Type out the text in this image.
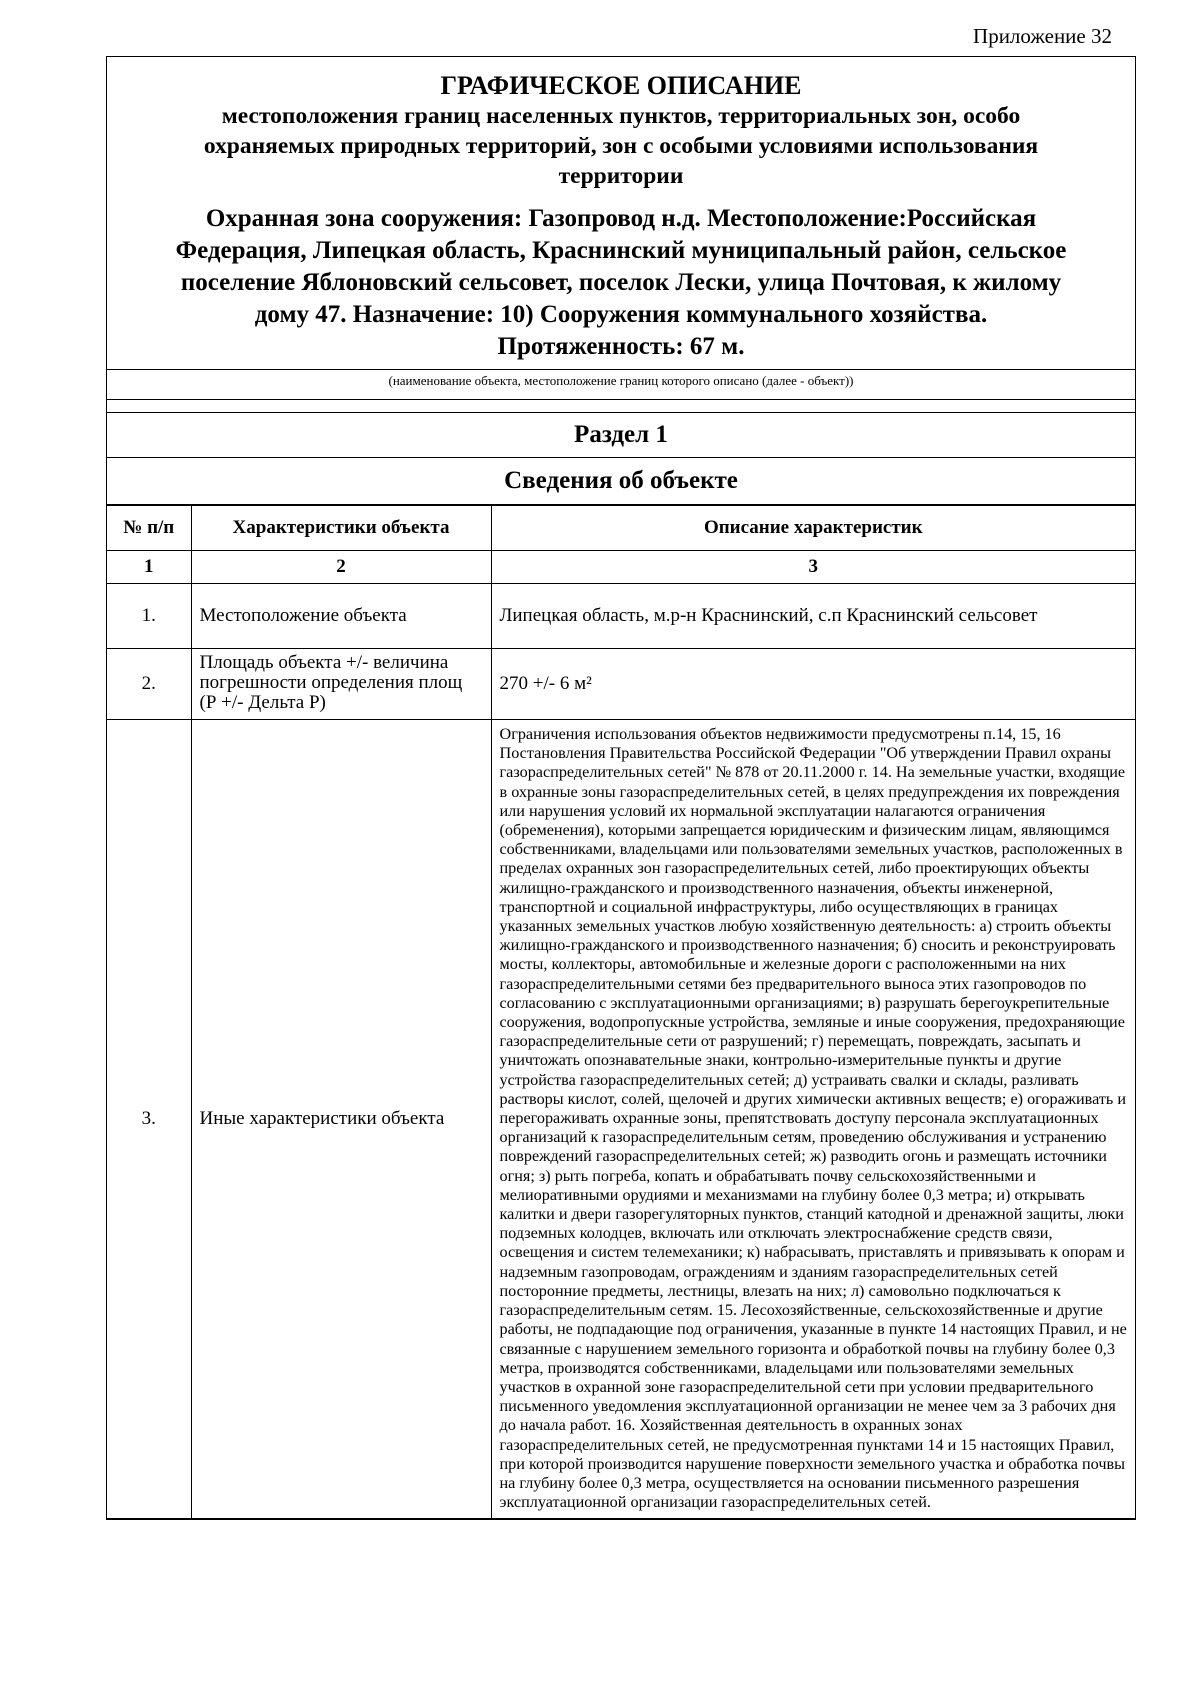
Приложение 32
ГРАФИЧЕСКОЕ ОПИСАНИЕ
местоположения границ населенных пунктов, территориальных зон, особо
охраняемых природных территорий, зон с особыми условиями использования
территории
Охранная зона сооружения: Газопровод н.д. Местоположение:Российская
Федерация, Липецкая область, Краснинский муниципальный район, сельское
поселение Яблоновский сельсовет, поселок Лески, улица Почтовая, к жилому
дому 47. Назначение: 10) Сооружения коммунального хозяйства.
Протяженность: 67 м.
(наименование объекта, местоположение границ которого описано (далее - объект))
Раздел 1
Сведения об объекте
№ п/п	Характеристики объекта	Описание характеристик
1	2	3
1.	Местоположение объекта	Липецкая область, м.р-н Краснинский, с.п Краснинский сельсовет
2.	Площадь объекта +/- величина
погрешности определения площ
(Р +/- Дельта Р)	270 +/- 6 м²
3.	Иные характеристики объекта	Ограничения использования объектов недвижимости предусмотрены п.14, 15, 16 Постановления Правительства Российской Федерации "Об утверждении Правил охраны газораспределительных сетей" № 878 от 20.11.2000 г. 14. На земельные участки, входящие в охранные зоны газораспределительных сетей, в целях предупреждения их повреждения или нарушения условий их нормальной эксплуатации налагаются ограничения (обременения), которыми запрещается юридическим и физическим лицам, являющимся собственниками, владельцами или пользователями земельных участков, расположенных в пределах охранных зон газораспределительных сетей, либо проектирующих объекты жилищно-гражданского и производственного назначения, объекты инженерной, транспортной и социальной инфраструктуры, либо осуществляющих в границах указанных земельных участков любую хозяйственную деятельность: а) строить объекты жилищно-гражданского и производственного назначения; б) сносить и реконструировать мосты, коллекторы, автомобильные и железные дороги с расположенными на них газораспределительными сетями без предварительного выноса этих газопроводов по согласованию с эксплуатационными организациями; в) разрушать берегоукрепительные сооружения, водопропускные устройства, земляные и иные сооружения, предохраняющие газораспределительные сети от разрушений; г) перемещать, повреждать, засыпать и уничтожать опознавательные знаки, контрольно-измерительные пункты и другие устройства газораспределительных сетей; д) устраивать свалки и склады, разливать растворы кислот, солей, щелочей и других химически активных веществ; е) огораживать и перегораживать охранные зоны, препятствовать доступу персонала эксплуатационных организаций к газораспределительным сетям, проведению обслуживания и устранению повреждений газораспределительных сетей; ж) разводить огонь и размещать источники огня; з) рыть погреба, копать и обрабатывать почву сельскохозяйственными и мелиоративными орудиями и механизмами на глубину более 0,3 метра; и) открывать калитки и двери газорегуляторных пунктов, станций катодной и дренажной защиты, люки подземных колодцев, включать или отключать электроснабжение средств связи, освещения и систем телемеханики; к) набрасывать, приставлять и привязывать к опорам и надземным газопроводам, ограждениям и зданиям газораспределительных сетей посторонние предметы, лестницы, влезать на них; л) самовольно подключаться к газораспределительным сетям. 15. Лесохозяйственные, сельскохозяйственные и другие работы, не подпадающие под ограничения, указанные в пункте 14 настоящих Правил, и не связанные с нарушением земельного горизонта и обработкой почвы на глубину более 0,3 метра, производятся собственниками, владельцами или пользователями земельных участков в охранной зоне газораспределительной сети при условии предварительного письменного уведомления эксплуатационной организации не менее чем за 3 рабочих дня до начала работ. 16. Хозяйственная деятельность в охранных зонах газораспределительных сетей, не предусмотренная пунктами 14 и 15 настоящих Правил, при которой производится нарушение поверхности земельного участка и обработка почвы на глубину более 0,3 метра, осуществляется на основании письменного разрешения эксплуатационной организации газораспределительных сетей.
